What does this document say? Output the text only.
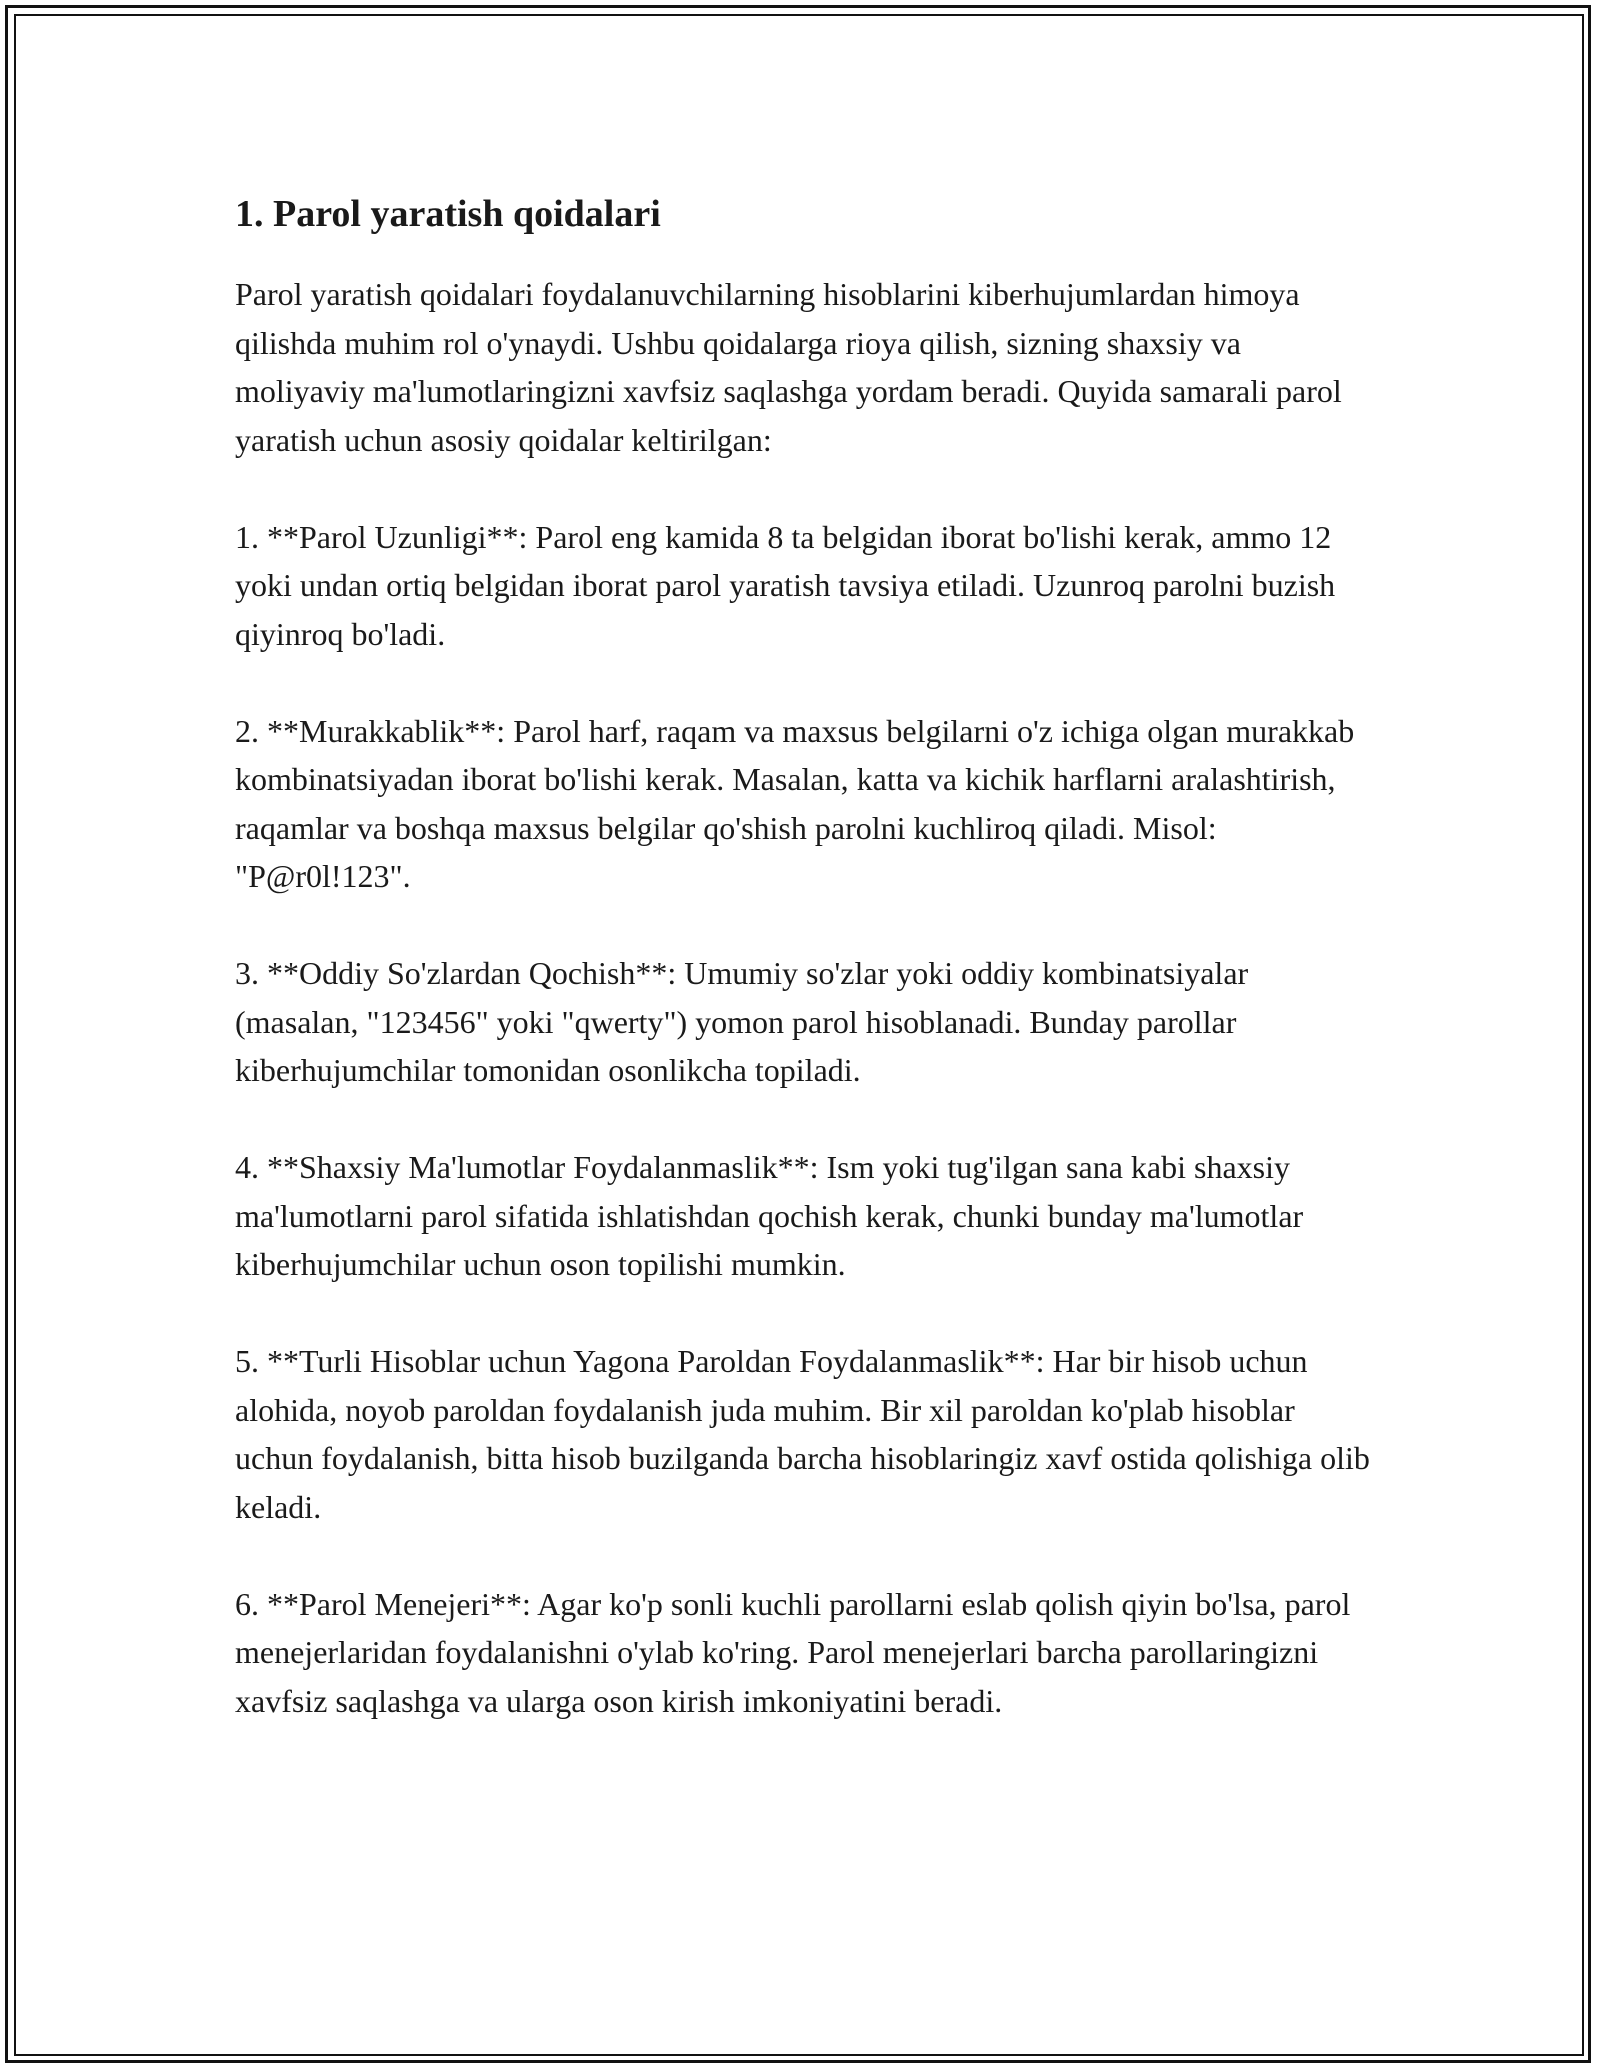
1. Parol yaratish qoidalari

Parol yaratish qoidalari foydalanuvchilarning hisoblarini kiberhujumlardan himoya qilishda muhim rol o'ynaydi. Ushbu qoidalarga rioya qilish, sizning shaxsiy va moliyaviy ma'lumotlaringizni xavfsiz saqlashga yordam beradi. Quyida samarali parol yaratish uchun asosiy qoidalar keltirilgan:

1. **Parol Uzunligi**: Parol eng kamida 8 ta belgidan iborat bo'lishi kerak, ammo 12 yoki undan ortiq belgidan iborat parol yaratish tavsiya etiladi. Uzunroq parolni buzish qiyinroq bo'ladi.

2. **Murakkablik**: Parol harf, raqam va maxsus belgilarni o'z ichiga olgan murakkab kombinatsiyadan iborat bo'lishi kerak. Masalan, katta va kichik harflarni aralashtirish, raqamlar va boshqa maxsus belgilar qo'shish parolni kuchliroq qiladi. Misol: "P@r0l!123".

3. **Oddiy So'zlardan Qochish**: Umumiy so'zlar yoki oddiy kombinatsiyalar (masalan, "123456" yoki "qwerty") yomon parol hisoblanadi. Bunday parollar kiberhujumchilar tomonidan osonlikcha topiladi.

4. **Shaxsiy Ma'lumotlar Foydalanmaslik**: Ism yoki tug'ilgan sana kabi shaxsiy ma'lumotlarni parol sifatida ishlatishdan qochish kerak, chunki bunday ma'lumotlar kiberhujumchilar uchun oson topilishi mumkin.

5. **Turli Hisoblar uchun Yagona Paroldan Foydalanmaslik**: Har bir hisob uchun alohida, noyob paroldan foydalanish juda muhim. Bir xil paroldan ko'plab hisoblar uchun foydalanish, bitta hisob buzilganda barcha hisoblaringiz xavf ostida qolishiga olib keladi.

6. **Parol Menejeri**: Agar ko'p sonli kuchli parollarni eslab qolish qiyin bo'lsa, parol menejerlaridan foydalanishni o'ylab ko'ring. Parol menejerlari barcha parollaringizni xavfsiz saqlashga va ularga oson kirish imkoniyatini beradi.
